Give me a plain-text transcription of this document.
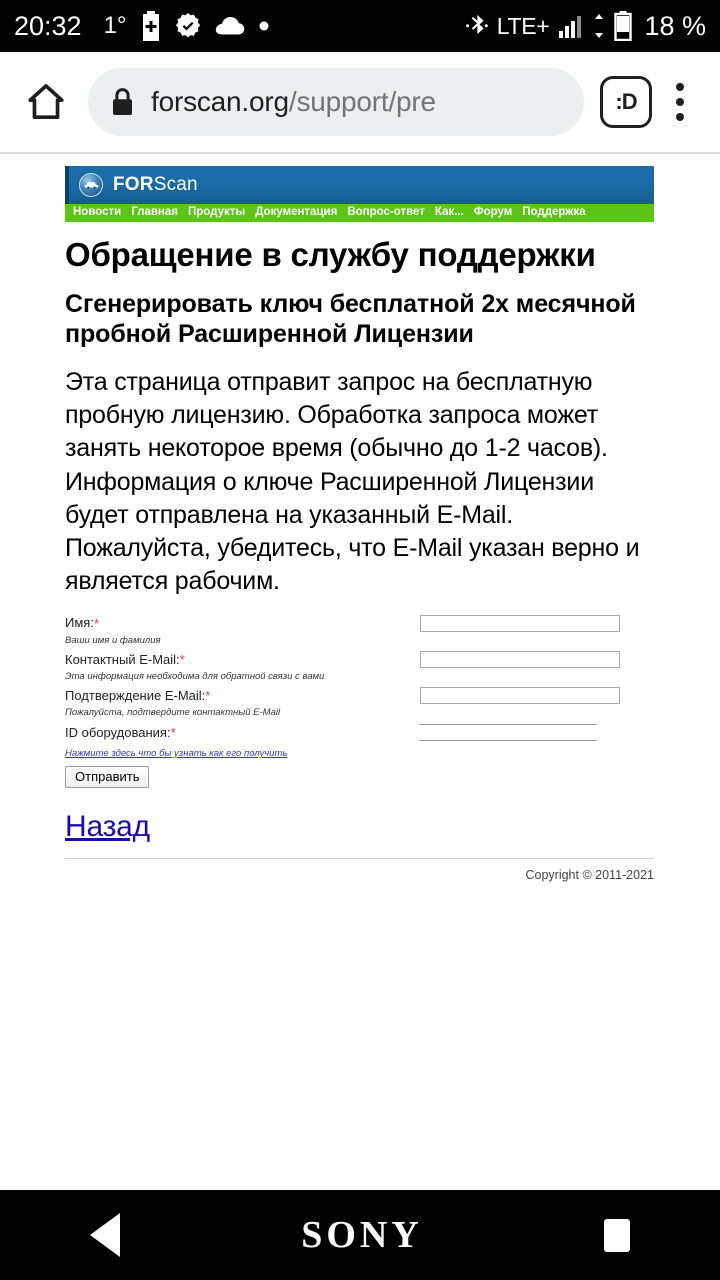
20:32 1°	LTE+	18 %
forscan.org/support/pre	:D
FORScan
Новости Главная Продукты Документация Вопрос-ответ Как... Форум Поддержка
Обращение в службу поддержки
Сгенерировать ключ бесплатной 2х месячной пробной Расширенной Лицензии

Эта страница отправит запрос на бесплатную пробную лицензию. Обработка запроса может занять некоторое время (обычно до 1-2 часов). Информация о ключе Расширенной Лицензии будет отправлена на указанный E-Mail. Пожалуйста, убедитесь, что E-Mail указан верно и является рабочим.

Имя: *
Ваши имя и фамилия
Контактный E-Mail: *
Эта информация необходима для обратной связи с вами
Подтверждение E-Mail: *
Пожалуйста, подтвердите контактный E-Mail
ID оборудования: *
Нажмите здесь что бы узнать как его получить
Отправить
Назад
Copyright © 2011-2021
SONY
